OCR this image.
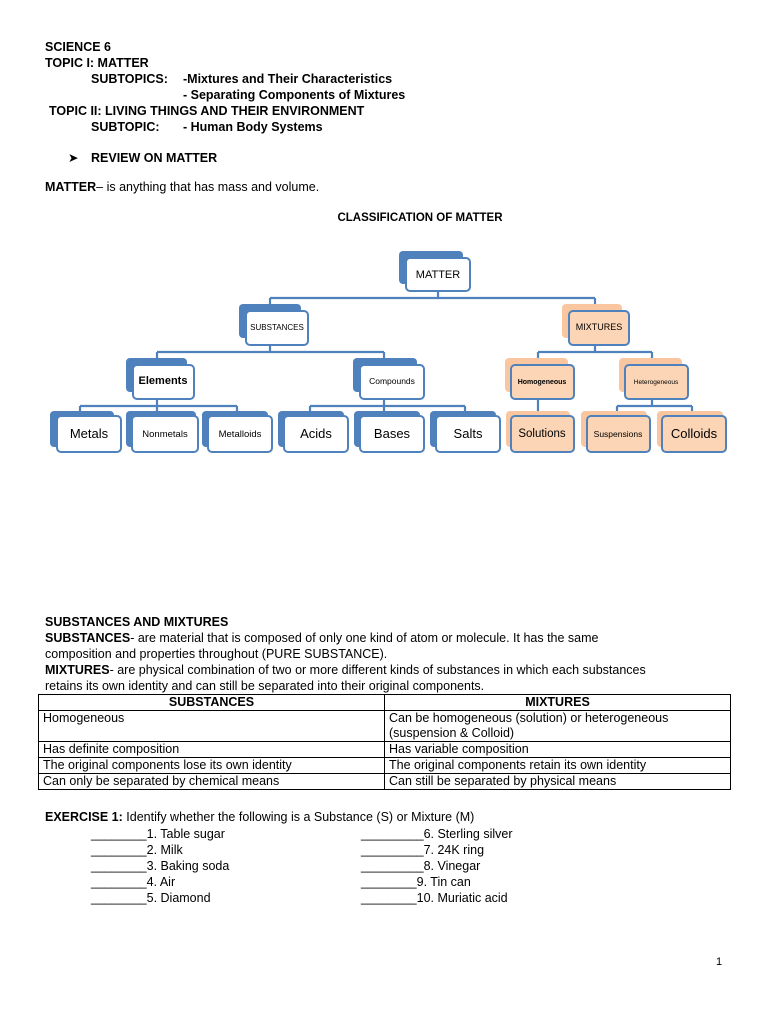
SCIENCE 6
TOPIC I: MATTER
SUBTOPICS: -Mixtures and Their Characteristics
- Separating Components of Mixtures
TOPIC II: LIVING THINGS AND THEIR ENVIRONMENT
SUBTOPIC: - Human Body Systems
➤ REVIEW ON MATTER
MATTER– is anything that has mass and volume.
CLASSIFICATION OF MATTER
MATTER
SUBSTANCES	MIXTURES
Elements	Compounds	Homogeneous	Heterogeneous
Metals	Nonmetals	Metalloids	Acids	Bases	Salts	Solutions	Suspensions Colloids
SUBSTANCES AND MIXTURES
SUBSTANCES- are material that is composed of only one kind of atom or molecule. It has the same
composition and properties throughout (PURE SUBSTANCE).
MIXTURES- are physical combination of two or more different kinds of substances in which each substances
retains its own identity and can still be separated into their original components.
SUBSTANCES	MIXTURES
Homogeneous	Can be homogeneous (solution) or heterogeneous (suspension & Colloid)
Has definite composition	Has variable composition
The original components lose its own identity	The original components retain its own identity
Can only be separated by chemical means	Can still be separated by physical means
EXERCISE 1: Identify whether the following is a Substance (S) or Mixture (M)
________1. Table sugar
________2. Milk
________3. Baking soda
________4. Air
________5. Diamond
_________6. Sterling silver
_________7. 24K ring
_________8. Vinegar
________9. Tin can
________10. Muriatic acid
1
